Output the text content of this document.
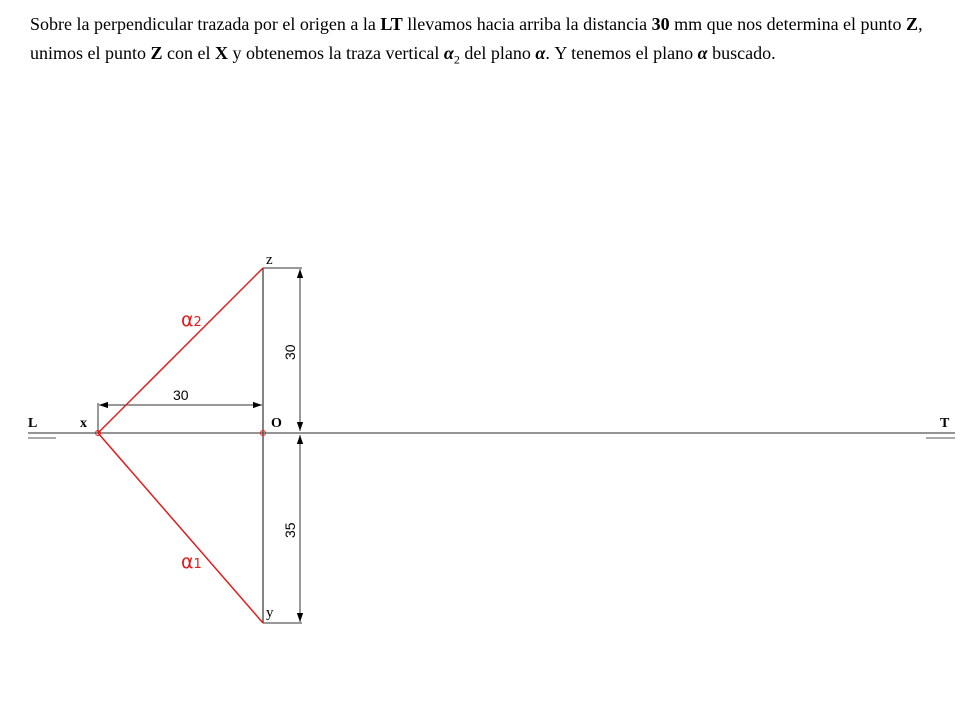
Sobre la perpendicular trazada por el origen a la LT llevamos hacia arriba la distancia 30 mm que nos determina el punto Z, unimos el punto Z con el X y obtenemos la traza vertical $\alpha_2$ del plano α. Y tenemos el plano α buscado.
L	T
x	O
z
y
α2
α1
30
30
35
